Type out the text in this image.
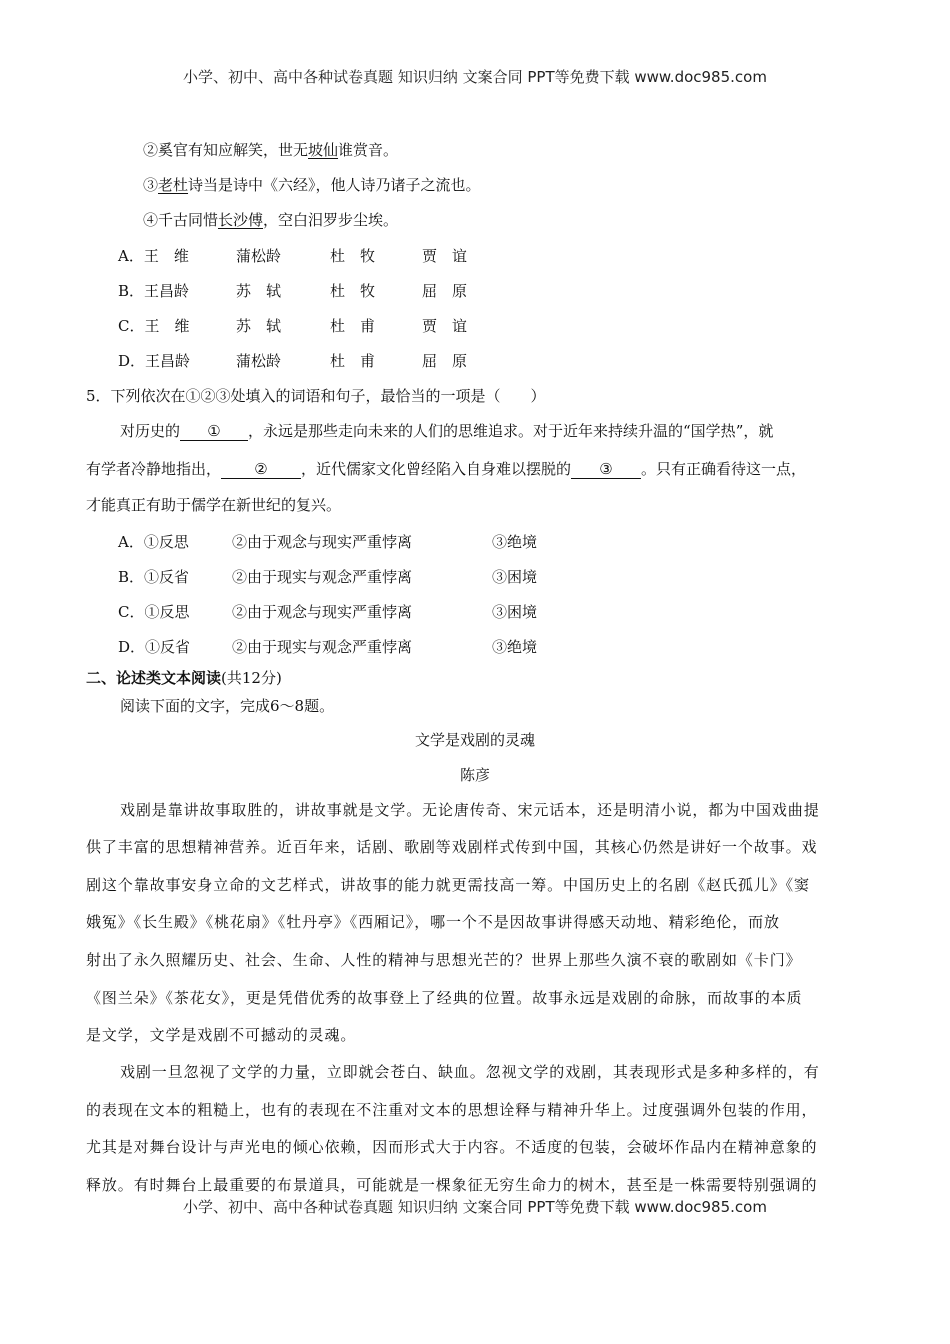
小学、初中、高中各种试卷真题 知识归纳 文案合同 PPT等免费下载 www.doc985.com
②奚官有知应解笑，世无坡仙谁赏音。
③老杜诗当是诗中《六经》，他人诗乃诸子之流也。
④千古同惜长沙傅，空白汨罗步尘埃。
A．王　维	蒲松龄	杜　牧	贾　谊
B．王昌龄	苏　轼	杜　牧	屈　原
C．王　维	苏　轼	杜　甫	贾　谊
D．王昌龄	蒲松龄	杜　甫	屈　原
5．下列依次在①②③处填入的词语和句子，最恰当的一项是（　　）
对历史的 ① ，永远是那些走向未来的人们的思维追求。对于近年来持续升温的“国学热”，就
有学者冷静地指出， ② ，近代儒家文化曾经陷入自身难以摆脱的 ③ 。只有正确看待这一点，
才能真正有助于儒学在新世纪的复兴。
A．①反思	②由于观念与现实严重悖离	③绝境
B．①反省	②由于现实与观念严重悖离	③困境
C．①反思	②由于观念与现实严重悖离	③困境
D．①反省	②由于现实与观念严重悖离	③绝境
二、论述类文本阅读(共12分)
阅读下面的文字，完成6～8题。
文学是戏剧的灵魂
陈彦
戏剧是靠讲故事取胜的，讲故事就是文学。无论唐传奇、宋元话本，还是明清小说，都为中国戏曲提
供了丰富的思想精神营养。近百年来，话剧、歌剧等戏剧样式传到中国，其核心仍然是讲好一个故事。戏
剧这个靠故事安身立命的文艺样式，讲故事的能力就更需技高一筹。中国历史上的名剧《赵氏孤儿》《窦
娥冤》《长生殿》《桃花扇》《牡丹亭》《西厢记》，哪一个不是因故事讲得感天动地、精彩绝伦，而放
射出了永久照耀历史、社会、生命、人性的精神与思想光芒的？世界上那些久演不衰的歌剧如《卡门》
《图兰朵》《茶花女》，更是凭借优秀的故事登上了经典的位置。故事永远是戏剧的命脉，而故事的本质
是文学，文学是戏剧不可撼动的灵魂。
戏剧一旦忽视了文学的力量，立即就会苍白、缺血。忽视文学的戏剧，其表现形式是多种多样的，有
的表现在文本的粗糙上，也有的表现在不注重对文本的思想诠释与精神升华上。过度强调外包装的作用，
尤其是对舞台设计与声光电的倾心依赖，因而形式大于内容。不适度的包装，会破坏作品内在精神意象的
释放。有时舞台上最重要的布景道具，可能就是一棵象征无穷生命力的树木，甚至是一株需要特别强调的
小学、初中、高中各种试卷真题 知识归纳 文案合同 PPT等免费下载 www.doc985.com
